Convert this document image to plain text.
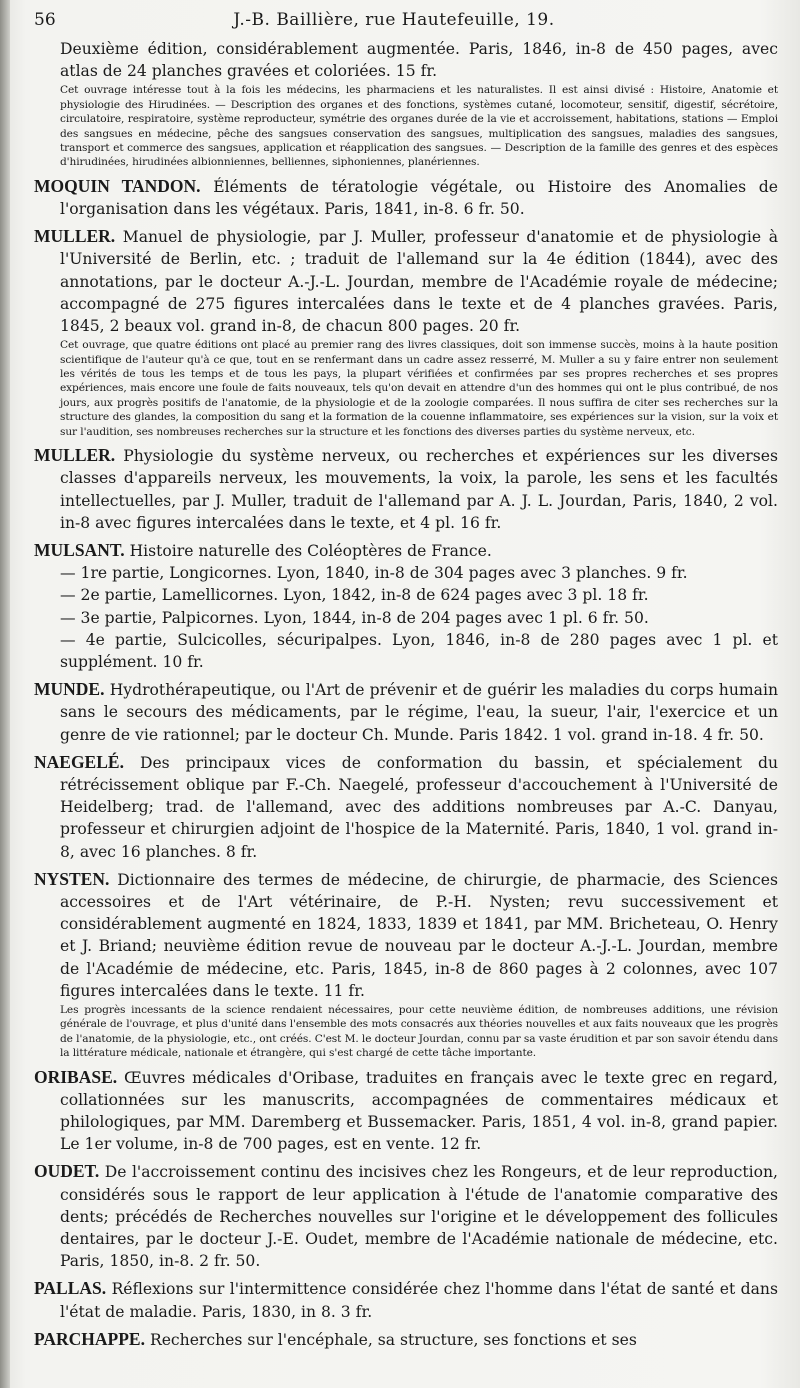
56	J.-B. Baillière, rue Hautefeuille, 19.

Deuxième édition, considérablement augmentée. Paris, 1846, in-8 de 450 pages, avec atlas de 24 planches gravées et coloriées. 15 fr.

Cet ouvrage intéresse tout à la fois les médecins, les pharmaciens et les naturalistes. Il est ainsi divisé : Histoire, Anatomie et physiologie des Hirudinées. — Description des organes et des fonctions, systèmes cutané, locomoteur, sensitif, digestif, sécrétoire, circulatoire, respiratoire, système reproducteur, symétrie des organes durée de la vie et accroissement, habitations, stations — Emploi des sangsues en médecine, pêche des sangsues conservation des sangsues, multiplication des sangsues, maladies des sangsues, transport et commerce des sangsues, application et réapplication des sangsues. — Description de la famille des genres et des espèces d'hirudinées, hirudinées albionniennes, belliennes, siphoniennes, planériennes.

MOQUIN TANDON. Éléments de tératologie végétale, ou Histoire des Anomalies de l'organisation dans les végétaux. Paris, 1841, in-8. 6 fr. 50.

MULLER. Manuel de physiologie, par J. Muller, professeur d'anatomie et de physiologie à l'Université de Berlin, etc. ; traduit de l'allemand sur la 4e édition (1844), avec des annotations, par le docteur A.-J.-L. Jourdan, membre de l'Académie royale de médecine; accompagné de 275 figures intercalées dans le texte et de 4 planches gravées. Paris, 1845, 2 beaux vol. grand in-8, de chacun 800 pages. 20 fr.

Cet ouvrage, que quatre éditions ont placé au premier rang des livres classiques, doit son immense succès, moins à la haute position scientifique de l'auteur qu'à ce que, tout en se renfermant dans un cadre assez resserré, M. Muller a su y faire entrer non seulement les vérités de tous les temps et de tous les pays, la plupart vérifiées et confirmées par ses propres recherches et ses propres expériences, mais encore une foule de faits nouveaux, tels qu'on devait en attendre d'un des hommes qui ont le plus contribué, de nos jours, aux progrès positifs de l'anatomie, de la physiologie et de la zoologie comparées. Il nous suffira de citer ses recherches sur la structure des glandes, la composition du sang et la formation de la couenne inflammatoire, ses expériences sur la vision, sur la voix et sur l'audition, ses nombreuses recherches sur la structure et les fonctions des diverses parties du système nerveux, etc.

MULLER. Physiologie du système nerveux, ou recherches et expériences sur les diverses classes d'appareils nerveux, les mouvements, la voix, la parole, les sens et les facultés intellectuelles, par J. Muller, traduit de l'allemand par A. J. L. Jourdan, Paris, 1840, 2 vol. in-8 avec figures intercalées dans le texte, et 4 pl. 16 fr.

MULSANT. Histoire naturelle des Coléoptères de France.

— 1re partie, Longicornes. Lyon, 1840, in-8 de 304 pages avec 3 planches. 9 fr.
— 2e partie, Lamellicornes. Lyon, 1842, in-8 de 624 pages avec 3 pl. 18 fr.
— 3e partie, Palpicornes. Lyon, 1844, in-8 de 204 pages avec 1 pl. 6 fr. 50.
— 4e partie, Sulcicolles, sécuripalpes. Lyon, 1846, in-8 de 280 pages avec 1 pl. et supplément. 10 fr.

MUNDE. Hydrothérapeutique, ou l'Art de prévenir et de guérir les maladies du corps humain sans le secours des médicaments, par le régime, l'eau, la sueur, l'air, l'exercice et un genre de vie rationnel; par le docteur Ch. Munde. Paris 1842. 1 vol. grand in-18. 4 fr. 50.

NAEGELÉ. Des principaux vices de conformation du bassin, et spécialement du rétrécissement oblique par F.-Ch. Naegelé, professeur d'accouchement à l'Université de Heidelberg; trad. de l'allemand, avec des additions nombreuses par A.-C. Danyau, professeur et chirurgien adjoint de l'hospice de la Maternité. Paris, 1840, 1 vol. grand in-8, avec 16 planches. 8 fr.

NYSTEN. Dictionnaire des termes de médecine, de chirurgie, de pharmacie, des Sciences accessoires et de l'Art vétérinaire, de P.-H. Nysten; revu successivement et considérablement augmenté en 1824, 1833, 1839 et 1841, par MM. Bricheteau, O. Henry et J. Briand; neuvième édition revue de nouveau par le docteur A.-J.-L. Jourdan, membre de l'Académie de médecine, etc. Paris, 1845, in-8 de 860 pages à 2 colonnes, avec 107 figures intercalées dans le texte. 11 fr.

Les progrès incessants de la science rendaient nécessaires, pour cette neuvième édition, de nombreuses additions, une révision générale de l'ouvrage, et plus d'unité dans l'ensemble des mots consacrés aux théories nouvelles et aux faits nouveaux que les progrès de l'anatomie, de la physiologie, etc., ont créés. C'est M. le docteur Jourdan, connu par sa vaste érudition et par son savoir étendu dans la littérature médicale, nationale et étrangère, qui s'est chargé de cette tâche importante.

ORIBASE. Œuvres médicales d'Oribase, traduites en français avec le texte grec en regard, collationnées sur les manuscrits, accompagnées de commentaires médicaux et philologiques, par MM. Daremberg et Bussemacker. Paris, 1851, 4 vol. in-8, grand papier. Le 1er volume, in-8 de 700 pages, est en vente. 12 fr.

OUDET. De l'accroissement continu des incisives chez les Rongeurs, et de leur reproduction, considérés sous le rapport de leur application à l'étude de l'anatomie comparative des dents; précédés de Recherches nouvelles sur l'origine et le développement des follicules dentaires, par le docteur J.-E. Oudet, membre de l'Académie nationale de médecine, etc. Paris, 1850, in-8. 2 fr. 50.

PALLAS. Réflexions sur l'intermittence considérée chez l'homme dans l'état de santé et dans l'état de maladie. Paris, 1830, in 8. 3 fr.

PARCHAPPE. Recherches sur l'encéphale, sa structure, ses fonctions et ses
